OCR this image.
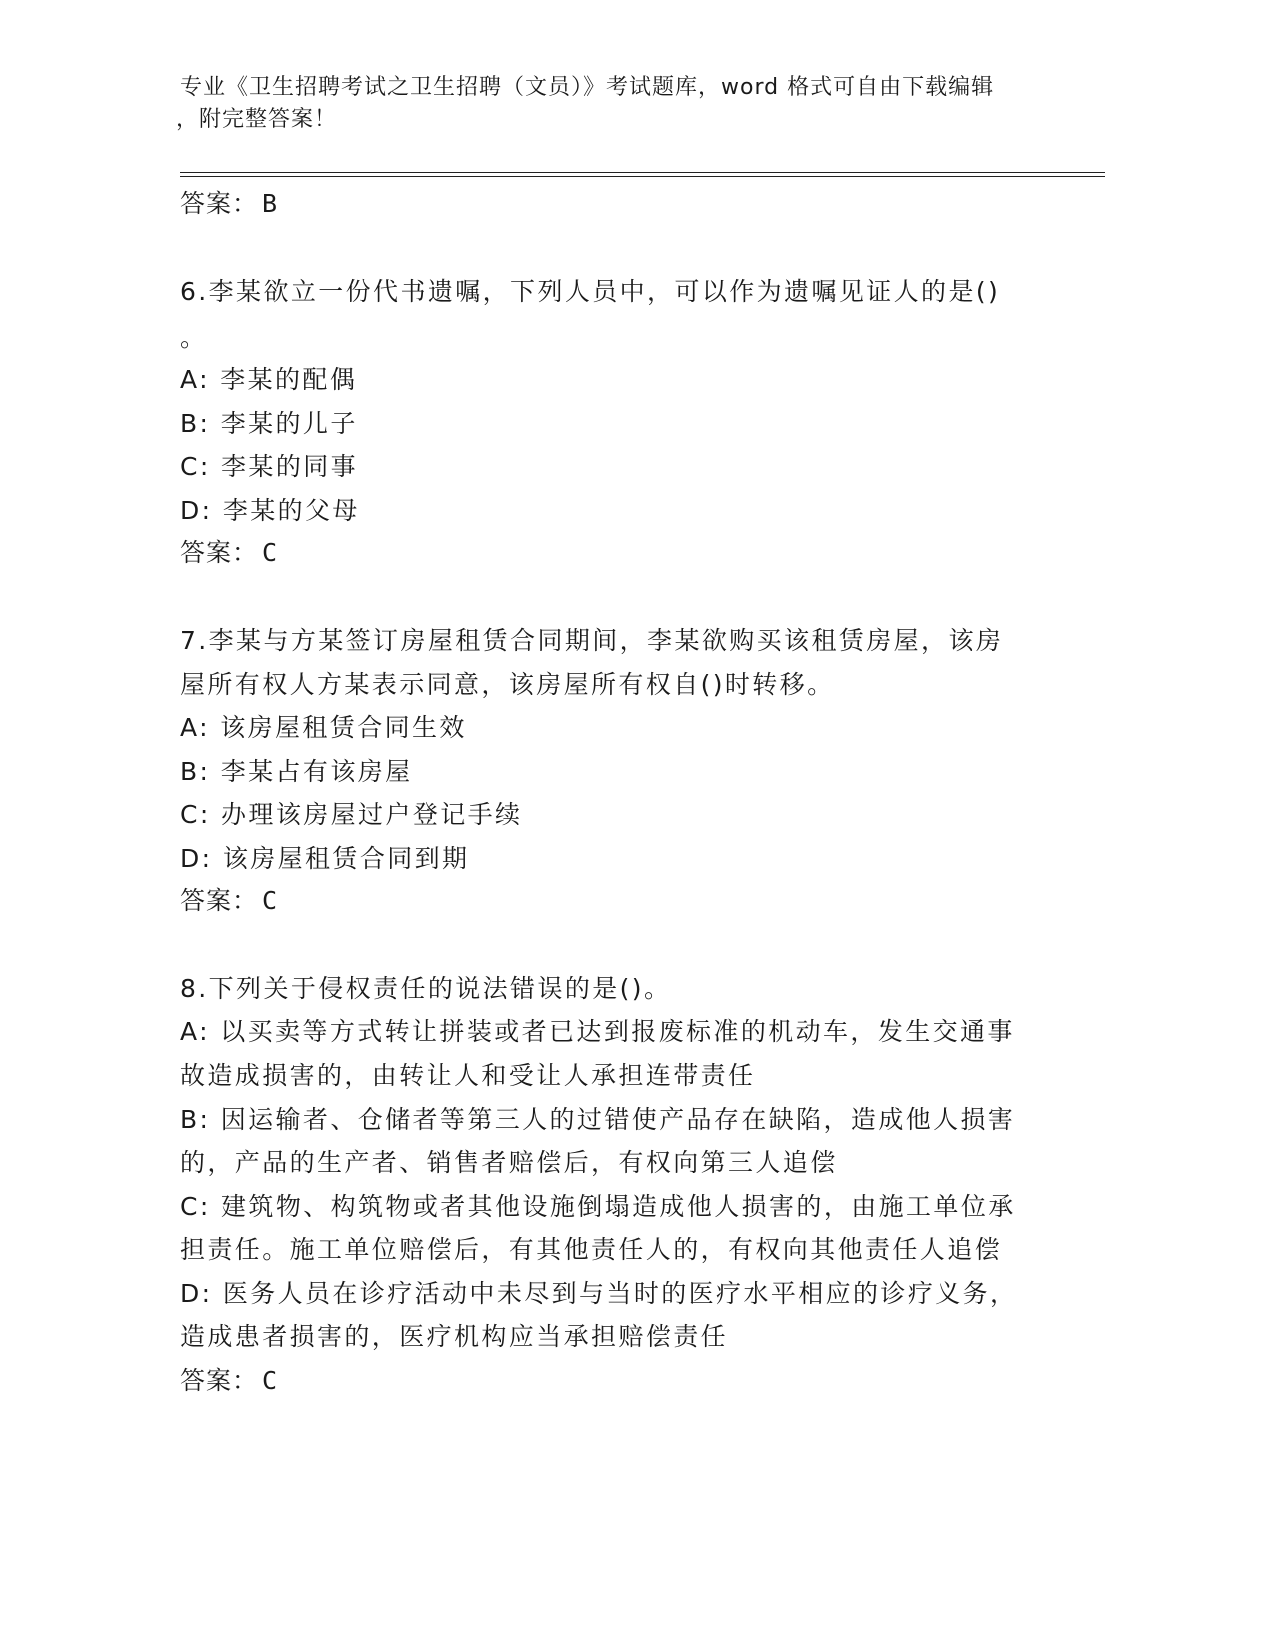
专业《卫生招聘考试之卫生招聘（文员）》考试题库，word 格式可自由下载编辑
，附完整答案！
答案： B
6.李某欲立一份代书遗嘱，下列人员中，可以作为遗嘱见证人的是()
。
A: 李某的配偶
B: 李某的儿子
C: 李某的同事
D: 李某的父母
答案： C
7.李某与方某签订房屋租赁合同期间，李某欲购买该租赁房屋，该房
屋所有权人方某表示同意，该房屋所有权自()时转移。
A: 该房屋租赁合同生效
B: 李某占有该房屋
C: 办理该房屋过户登记手续
D: 该房屋租赁合同到期
答案： C
8.下列关于侵权责任的说法错误的是()。
A: 以买卖等方式转让拼装或者已达到报废标准的机动车，发生交通事
故造成损害的，由转让人和受让人承担连带责任
B: 因运输者、仓储者等第三人的过错使产品存在缺陷，造成他人损害
的，产品的生产者、销售者赔偿后，有权向第三人追偿
C: 建筑物、构筑物或者其他设施倒塌造成他人损害的，由施工单位承
担责任。施工单位赔偿后，有其他责任人的，有权向其他责任人追偿
D: 医务人员在诊疗活动中未尽到与当时的医疗水平相应的诊疗义务，
造成患者损害的，医疗机构应当承担赔偿责任
答案： C
